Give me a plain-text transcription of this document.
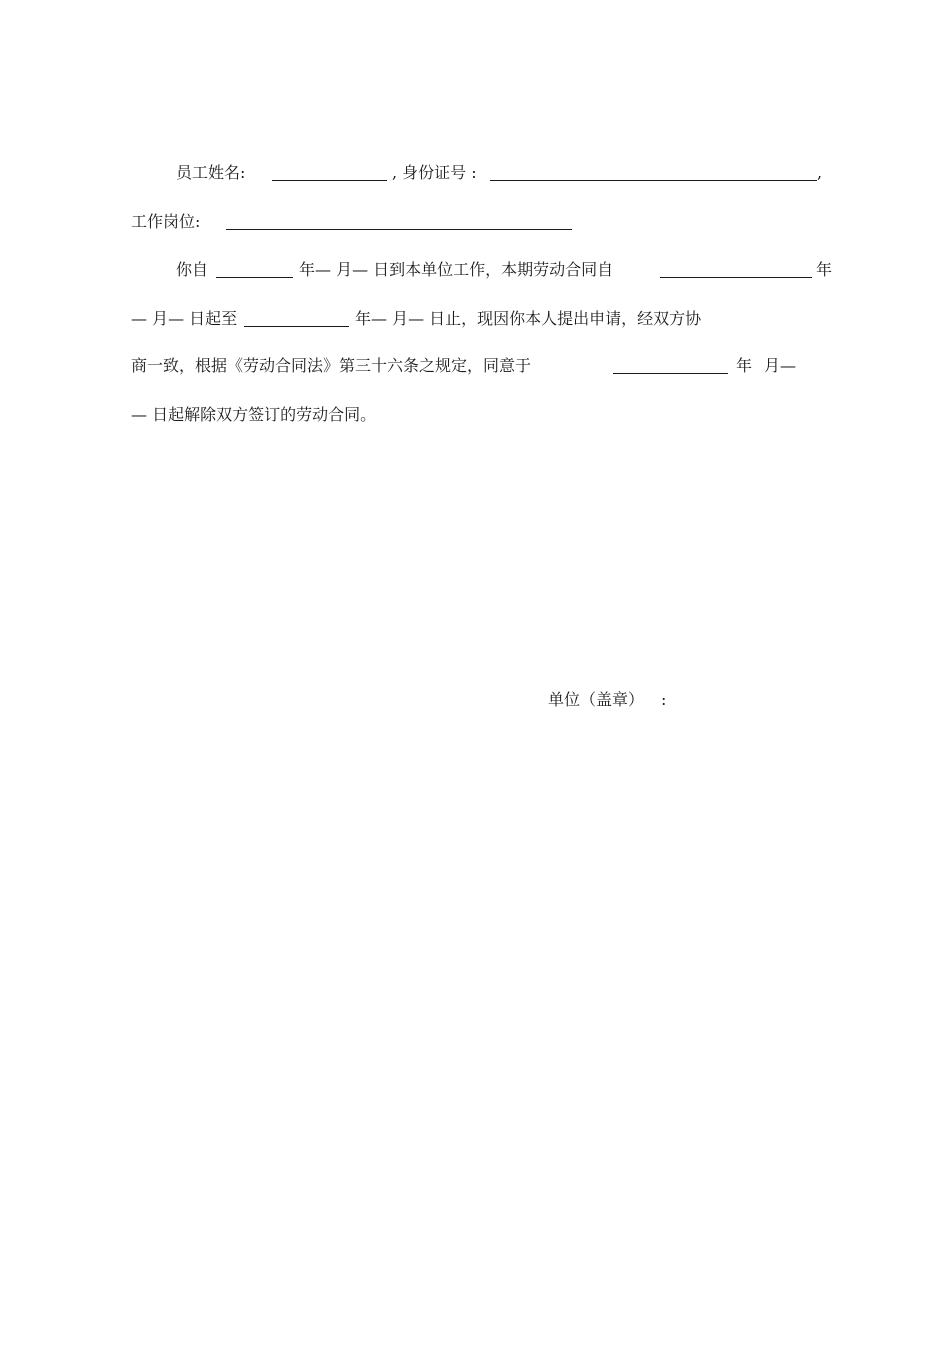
员工姓名:	, 身份证号 :	,
工作岗位:
你自	年— 月— 日到本单位工作，本期劳动合同自	年
— 月— 日起至	年— 月— 日止，现因你本人提出申请，经双方协
商一致，根据《劳动合同法》第三十六条之规定，同意于	年 月—
— 日起解除双方签订的劳动合同。
单位（盖章） :
